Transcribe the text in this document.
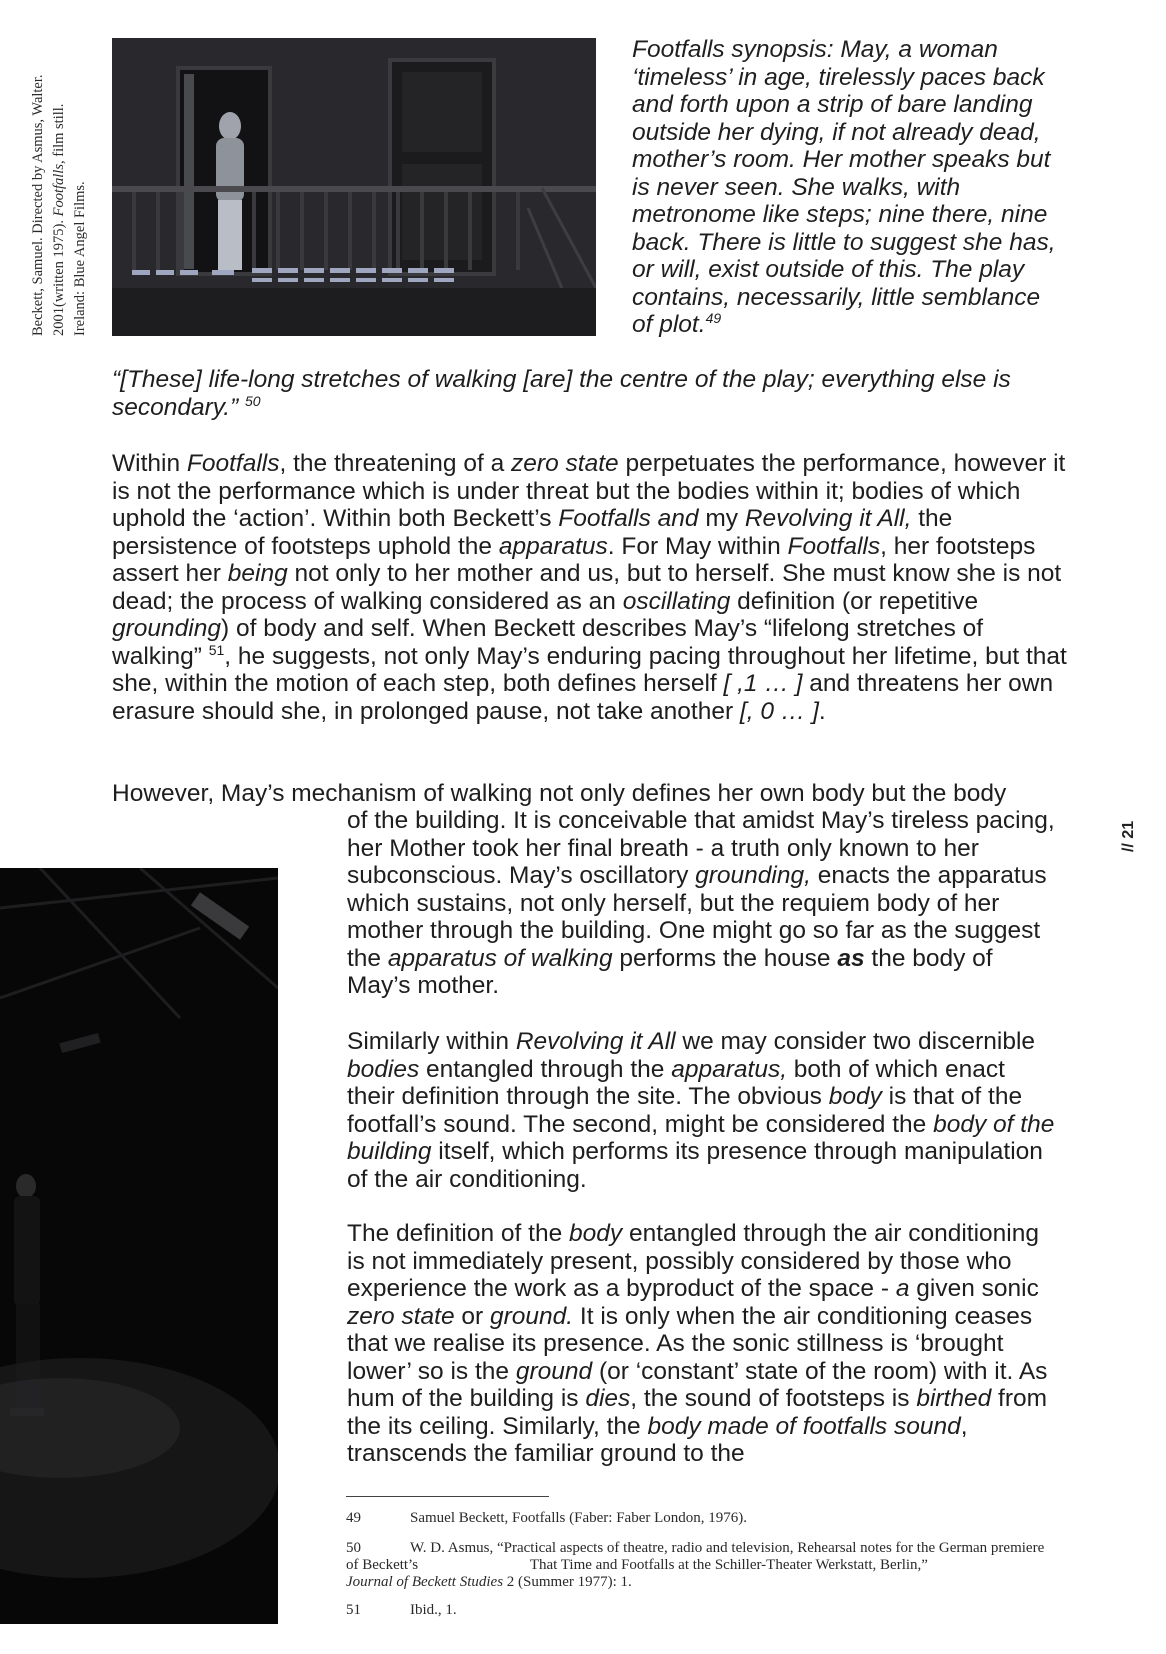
Beckett, Samuel. Directed by Asmus, Walter. 2001(written 1975). Footfalls, film still.
Ireland: Blue Angel Films.
Footfalls synopsis: May, a woman ‘timeless’ in age, tirelessly paces back and forth upon a strip of bare landing outside her dying, if not already dead, mother’s room. Her mother speaks but is never seen. She walks, with metronome like steps; nine there, nine back. There is little to suggest she has, or will, exist outside of this. The play contains, necessarily, little semblance of plot.$^{49}$
“[These] life-long stretches of walking [are] the centre of the play; everything else is secondary.” $^{50}$
Within Footfalls, the threatening of a zero state perpetuates the performance, however it is not the performance which is under threat but the bodies within it; bodies of which uphold the ‘action’. Within both Beckett’s Footfalls and my Revolving it All, the persistence of footsteps uphold the apparatus. For May within Footfalls, her footsteps assert her being not only to her mother and us, but to herself. She must know she is not dead; the process of walking considered as an oscillating definition (or repetitive grounding) of body and self. When Beckett describes May’s “lifelong stretches of walking” $^{51}$, he suggests, not only May’s enduring pacing throughout her lifetime, but that she, within the motion of each step, both defines herself [ ,1 … ] and threatens her own erasure should she, in prolonged pause, not take another [, 0 … ].
However, May’s mechanism of walking not only defines her own body but the body
of the building. It is conceivable that amidst May’s tireless pacing, her Mother took her final breath - a truth only known to her subconscious. May’s oscillatory grounding, enacts the apparatus which sustains, not only herself, but the requiem body of her mother through the building. One might go so far as the suggest the apparatus of walking performs the house as the body of May’s mother.
Similarly within Revolving it All we may consider two discernible bodies entangled through the apparatus, both of which enact their definition through the site. The obvious body is that of the footfall’s sound. The second, might be considered the body of the building itself, which performs its presence through manipulation of the air conditioning.
The definition of the body entangled through the air conditioning is not immediately present, possibly considered by those who experience the work as a byproduct of the space - a given sonic zero state or ground. It is only when the air conditioning ceases that we realise its presence. As the sonic stillness is ‘brought lower’ so is the ground (or ‘constant’ state of the room) with it. As hum of the building is dies, the sound of footsteps is birthed from the its ceiling. Similarly, the body made of footfalls sound, transcends the familiar ground to the
// 21
49	Samuel Beckett, Footfalls (Faber: Faber London, 1976).
50	W. D. Asmus, “Practical aspects of theatre, radio and television, Rehearsal notes for the German premiere of Beckett’s	That Time and Footfalls at the Schiller-Theater Werkstatt, Berlin,”
Journal of Beckett Studies 2 (Summer 1977): 1.
51	Ibid., 1.
